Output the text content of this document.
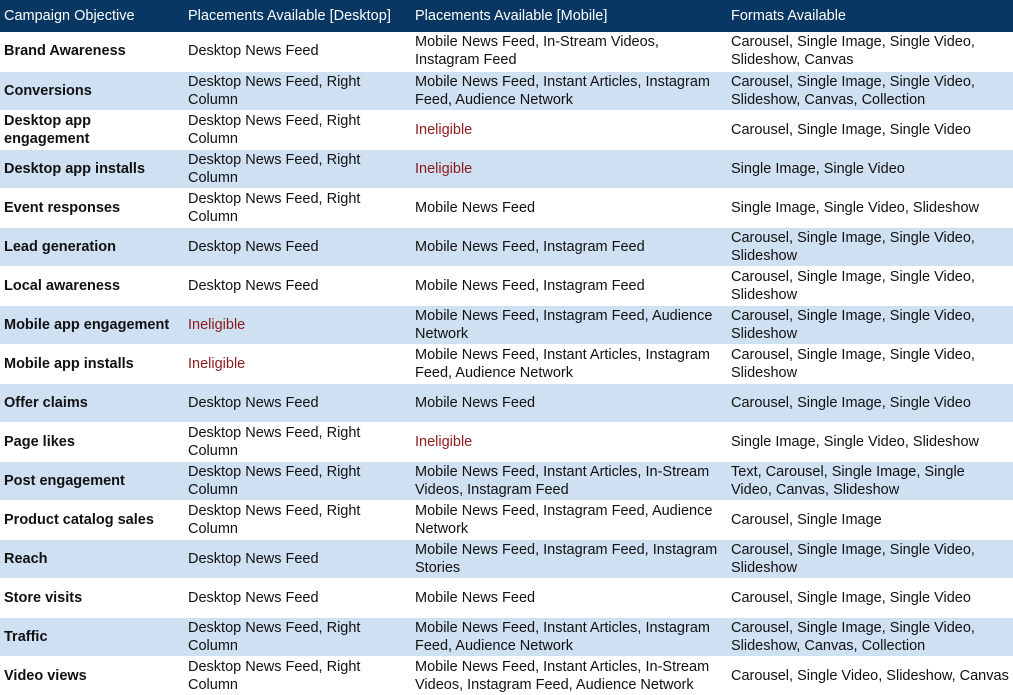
Campaign Objective	Placements Available [Desktop]	Placements Available [Mobile]	Formats Available
Brand Awareness	Desktop News Feed	Mobile News Feed, In-Stream Videos, Instagram Feed	Carousel, Single Image, Single Video, Slideshow, Canvas
Conversions	Desktop News Feed, Right Column	Mobile News Feed, Instant Articles, Instagram Feed, Audience Network	Carousel, Single Image, Single Video, Slideshow, Canvas, Collection
Desktop app engagement	Desktop News Feed, Right Column	Ineligible	Carousel, Single Image, Single Video
Desktop app installs	Desktop News Feed, Right Column	Ineligible	Single Image, Single Video
Event responses	Desktop News Feed, Right Column	Mobile News Feed	Single Image, Single Video, Slideshow
Lead generation	Desktop News Feed	Mobile News Feed, Instagram Feed	Carousel, Single Image, Single Video, Slideshow
Local awareness	Desktop News Feed	Mobile News Feed, Instagram Feed	Carousel, Single Image, Single Video, Slideshow
Mobile app engagement	Ineligible	Mobile News Feed, Instagram Feed, Audience Network	Carousel, Single Image, Single Video, Slideshow
Mobile app installs	Ineligible	Mobile News Feed, Instant Articles, Instagram Feed, Audience Network	Carousel, Single Image, Single Video, Slideshow
Offer claims	Desktop News Feed	Mobile News Feed	Carousel, Single Image, Single Video
Page likes	Desktop News Feed, Right Column	Ineligible	Single Image, Single Video, Slideshow
Post engagement	Desktop News Feed, Right Column	Mobile News Feed, Instant Articles, In-Stream Videos, Instagram Feed	Text, Carousel, Single Image, Single Video, Canvas, Slideshow
Product catalog sales	Desktop News Feed, Right Column	Mobile News Feed, Instagram Feed, Audience Network	Carousel, Single Image
Reach	Desktop News Feed	Mobile News Feed, Instagram Feed, Instagram Stories	Carousel, Single Image, Single Video, Slideshow
Store visits	Desktop News Feed	Mobile News Feed	Carousel, Single Image, Single Video
Traffic	Desktop News Feed, Right Column	Mobile News Feed, Instant Articles, Instagram Feed, Audience Network	Carousel, Single Image, Single Video, Slideshow, Canvas, Collection
Video views	Desktop News Feed, Right Column	Mobile News Feed, Instant Articles, In-Stream Videos, Instagram Feed, Audience Network	Carousel, Single Video, Slideshow, Canvas
